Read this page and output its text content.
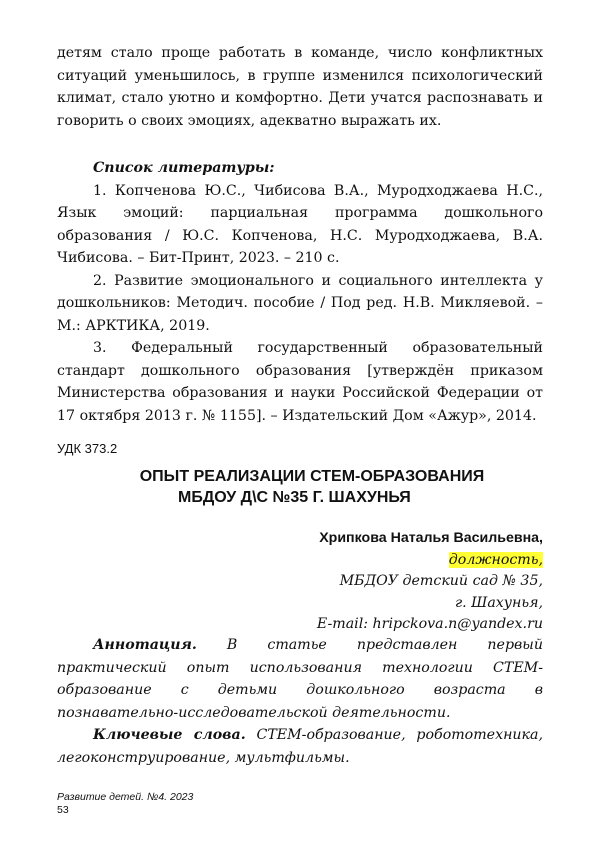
детям стало проще работать в команде, число конфликтных ситуаций уменьшилось, в группе изменился психологический климат, стало уютно и комфортно. Дети учатся распознавать и говорить о своих эмоциях, адекватно выражать их.

Список литературы:

1. Копченова Ю.С., Чибисова В.А., Муродходжаева Н.С., Язык эмоций: парциальная программа дошкольного образования / Ю.С. Копченова, Н.С. Муродходжаева, В.А. Чибисова. – Бит-Принт, 2023. – 210 с.

2. Развитие эмоционального и социального интеллекта у дошкольников: Методич. пособие / Под ред. Н.В. Микляевой. – М.: АРКТИКА, 2019.

3. Федеральный государственный образовательный стандарт дошкольного образования [утверждён приказом Министерства образования и науки Российской Федерации от 17 октября 2013 г. № 1155]. – Издательский Дом «Ажур», 2014.

УДК 373.2
ОПЫТ РЕАЛИЗАЦИИ СТЕМ-ОБРАЗОВАНИЯ
МБДОУ Д\С №35 Г. ШАХУНЬЯ
Хрипкова Наталья Васильевна,
должность,
МБДОУ детский сад № 35,
г. Шахунья,
E-mail: hripckova.n@yandex.ru

Аннотация. В статье представлен первый практический опыт использования технологии СТЕМ-образование с детьми дошкольного возраста в познавательно-исследовательской деятельности.

Ключевые слова. СТЕМ-образование, робототехника, легоконструирование, мультфильмы.

Развитие детей. №4. 2023
53
